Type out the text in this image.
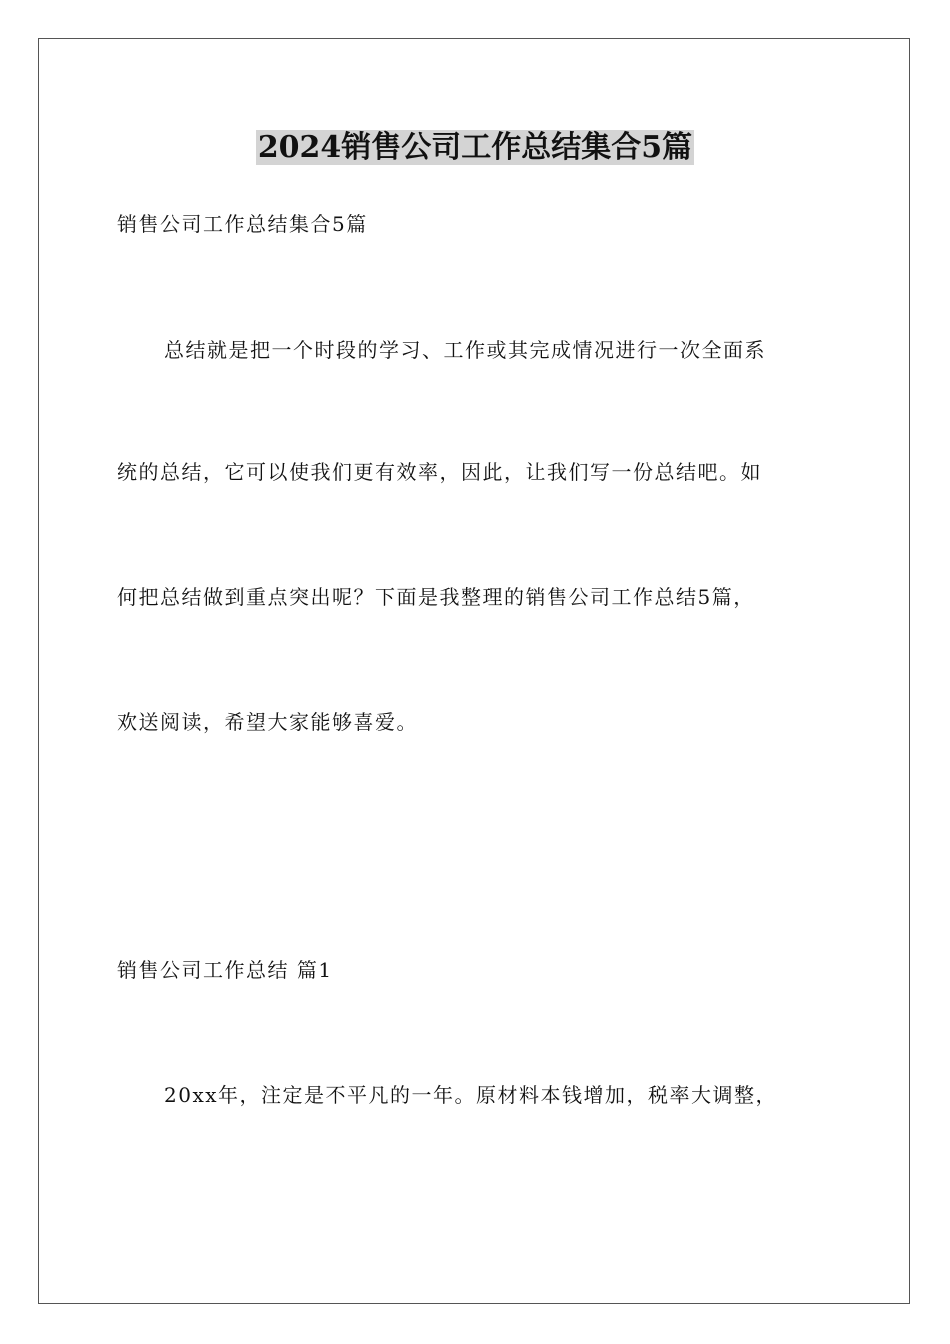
2024销售公司工作总结集合5篇

销售公司工作总结集合5篇

总结就是把一个时段的学习、工作或其完成情况进行一次全面系

统的总结，它可以使我们更有效率，因此，让我们写一份总结吧。如

何把总结做到重点突出呢？下面是我整理的销售公司工作总结5篇，

欢送阅读，希望大家能够喜爱。

销售公司工作总结 篇1

20xx年，注定是不平凡的一年。原材料本钱增加，税率大调整，
